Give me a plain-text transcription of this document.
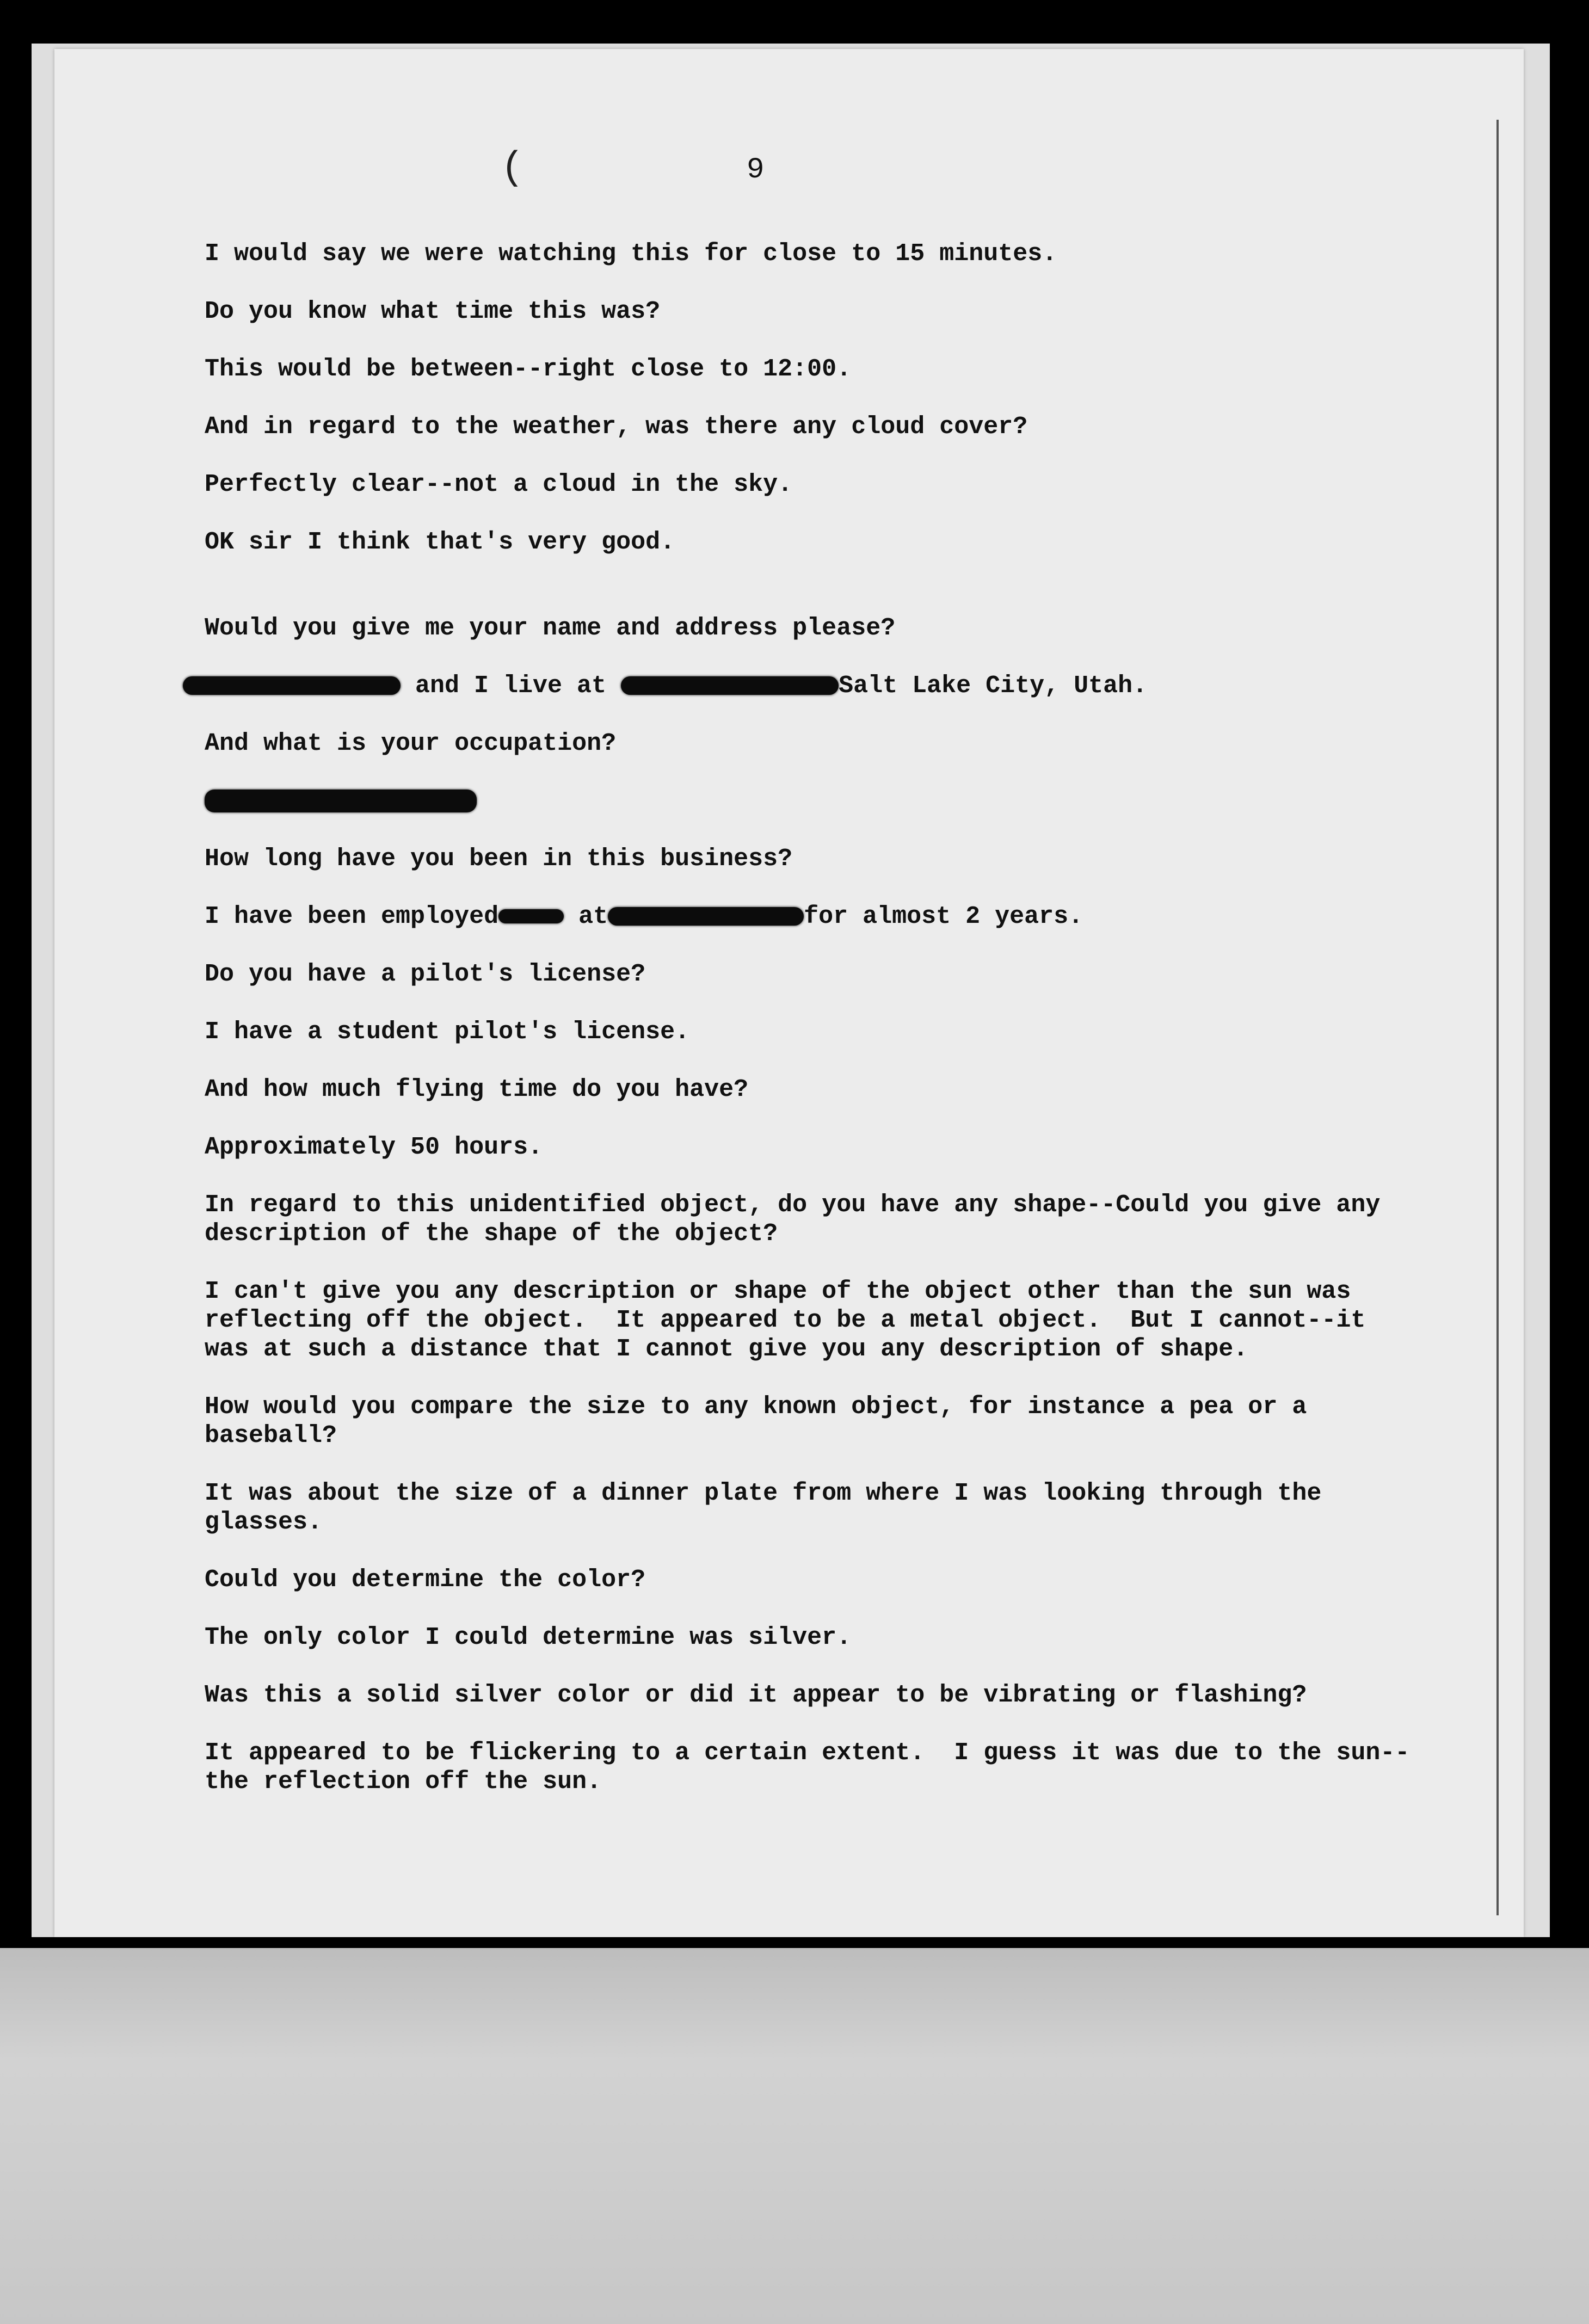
(	9

I would say we were watching this for close to 15 minutes.

Do you know what time this was?

This would be between--right close to 12:00.

And in regard to the weather, was there any cloud cover?

Perfectly clear--not a cloud in the sky.

OK sir I think that's very good.

Would you give me your name and address please?

and I live at	Salt Lake City, Utah.

And what is your occupation?

How long have you been in this business?

I have been employed	at	for almost 2 years.

Do you have a pilot's license?

I have a student pilot's license.

And how much flying time do you have?

Approximately 50 hours.

In regard to this unidentified object, do you have any shape--Could you give any
description of the shape of the object?

I can't give you any description or shape of the object other than the sun was
reflecting off the object.  It appeared to be a metal object.  But I cannot--it
was at such a distance that I cannot give you any description of shape.

How would you compare the size to any known object, for instance a pea or a
baseball?

It was about the size of a dinner plate from where I was looking through the
glasses.

Could you determine the color?

The only color I could determine was silver.

Was this a solid silver color or did it appear to be vibrating or flashing?

It appeared to be flickering to a certain extent.  I guess it was due to the sun--
the reflection off the sun.
